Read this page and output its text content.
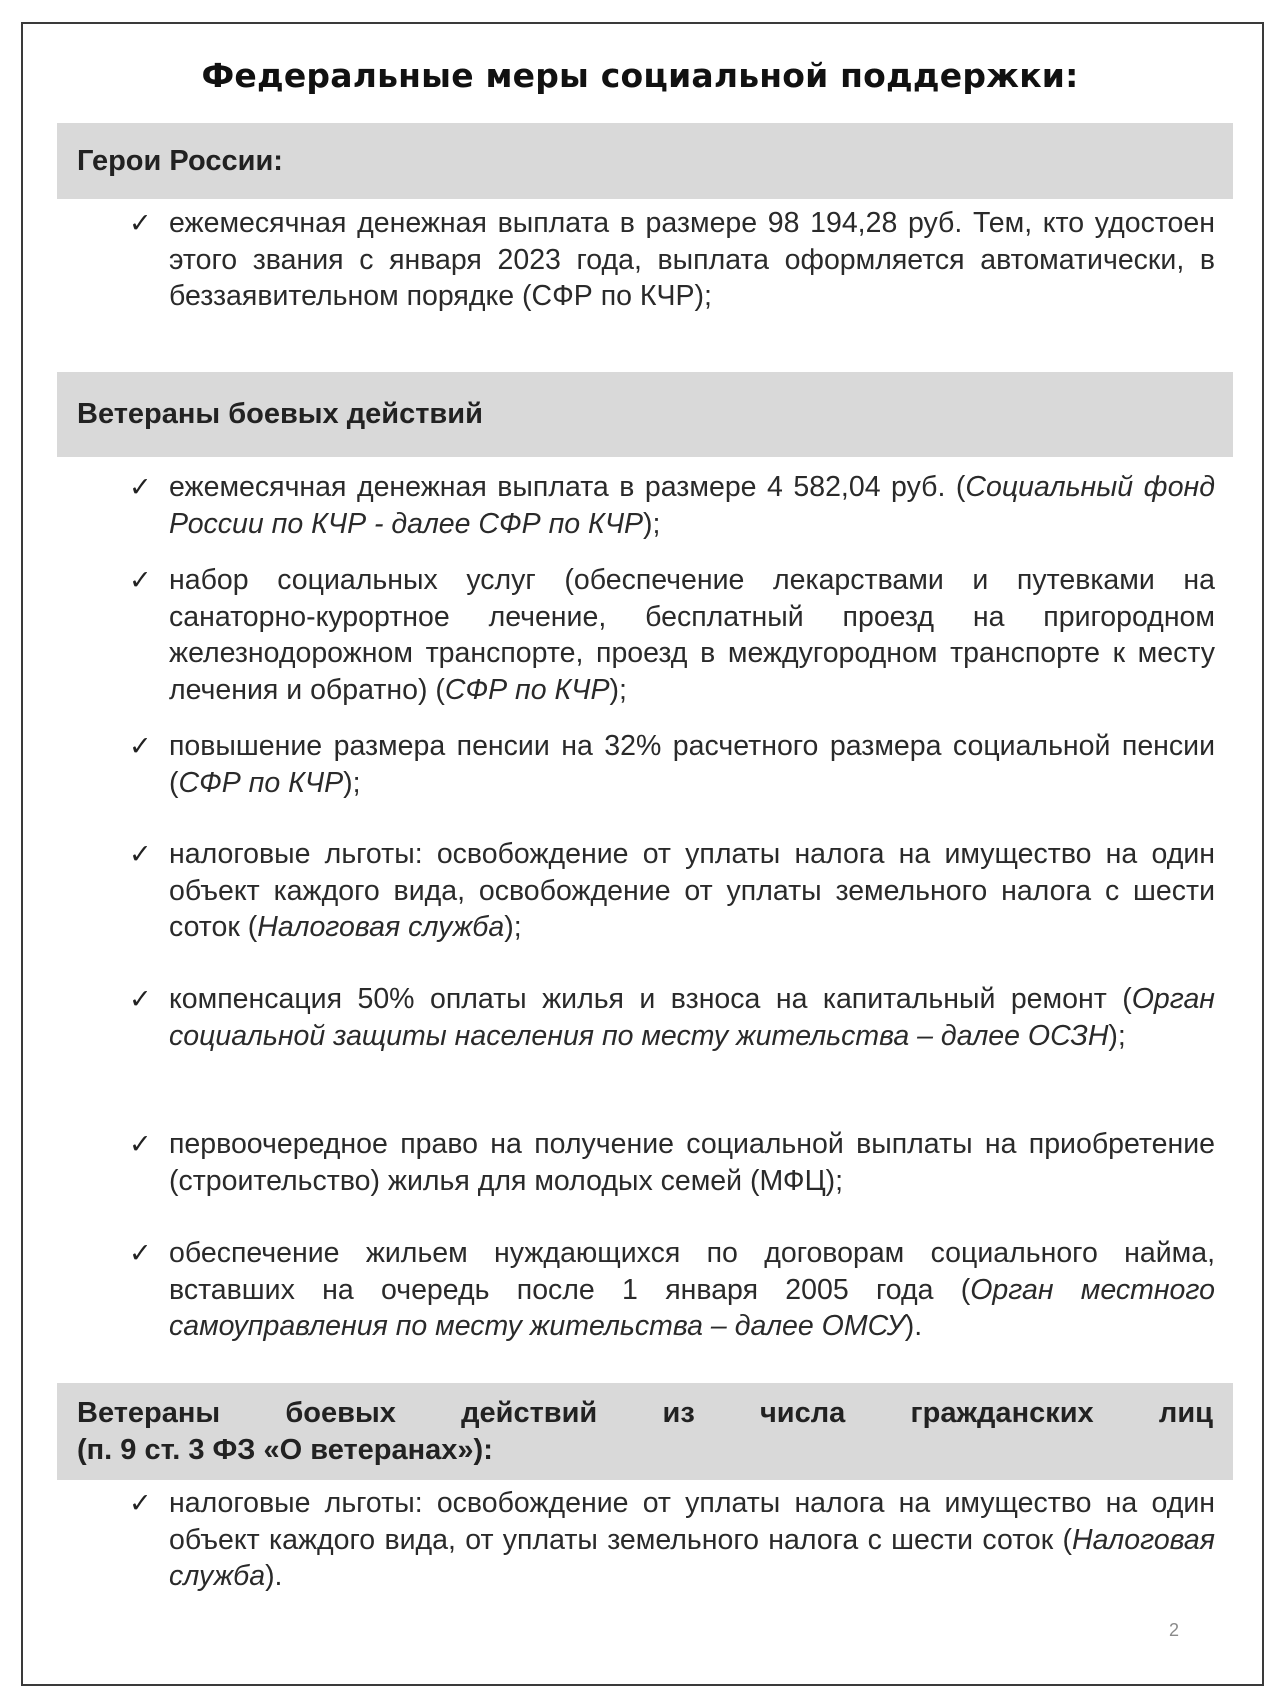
Федеральные меры социальной поддержки:
Герои России:
✓ ежемесячная денежная выплата в размере 98 194,28 руб. Тем, кто удостоен этого звания с января 2023 года, выплата оформляется автоматически, в беззаявительном порядке (СФР по КЧР);
Ветераны боевых действий
✓ ежемесячная денежная выплата в размере 4 582,04 руб. (Социальный фонд России по КЧР - далее СФР по КЧР);
✓ набор социальных услуг (обеспечение лекарствами и путевками на санаторно-курортное лечение, бесплатный проезд на пригородном железнодорожном транспорте, проезд в междугородном транспорте к месту лечения и обратно) (СФР по КЧР);
✓ повышение размера пенсии на 32% расчетного размера социальной пенсии (СФР по КЧР);
✓ налоговые льготы: освобождение от уплаты налога на имущество на один объект каждого вида, освобождение от уплаты земельного налога с шести соток (Налоговая служба);
✓ компенсация 50% оплаты жилья и взноса на капитальный ремонт (Орган социальной защиты населения по месту жительства – далее ОСЗН);
✓ первоочередное право на получение социальной выплаты на приобретение (строительство) жилья для молодых семей (МФЦ);
✓ обеспечение жильем нуждающихся по договорам социального найма, вставших на очередь после 1 января 2005 года (Орган местного самоуправления по месту жительства – далее ОМСУ).
Ветераны боевых действий из числа гражданских лиц
(п. 9 ст. 3 ФЗ «О ветеранах»):
✓ налоговые льготы: освобождение от уплаты налога на имущество на один объект каждого вида, от уплаты земельного налога с шести соток (Налоговая служба).
2
